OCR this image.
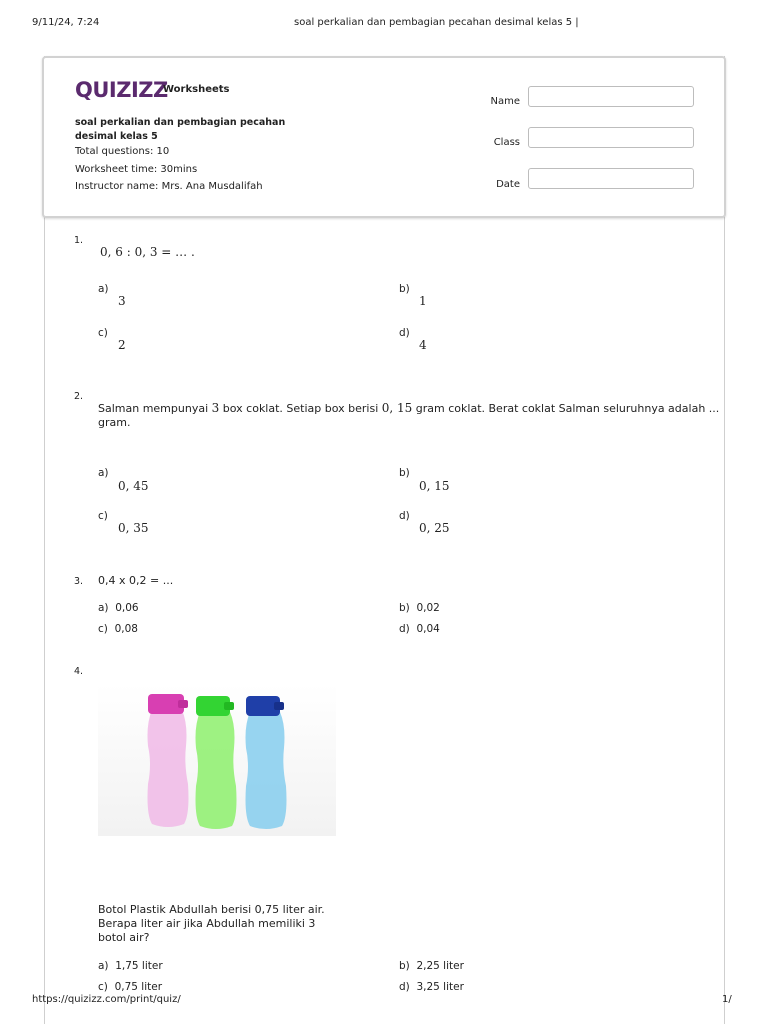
9/11/24, 7:24	soal perkalian dan pembagian pecahan desimal kelas 5 |
QUIZIZZ
Worksheets
soal perkalian dan pembagian pecahan desimal kelas 5
Total questions: 10
Worksheet time: 30mins
Instructor name: Mrs. Ana Musdalifah
Name
Class
Date
1.
0, 6 : 0, 3 = … .
a)
3
b)
1
c)
2
d)
4
2.
Salman mempunyai 3 box coklat. Setiap box berisi 0, 15 gram coklat. Berat coklat Salman seluruhnya adalah ...
gram.
a)
0, 45
b)
0, 15
c)
0, 35
d)
0, 25
3. 0,4 x 0,2 = ...
a) 0,06	b) 0,02
c) 0,08	d) 0,04
4.
Botol Plastik Abdullah berisi 0,75 liter air.
Berapa liter air jika Abdullah memiliki 3
botol air?
a) 1,75 liter	b) 2,25 liter
c) 0,75 liter	d) 3,25 liter
https://quizizz.com/print/quiz/	1/
